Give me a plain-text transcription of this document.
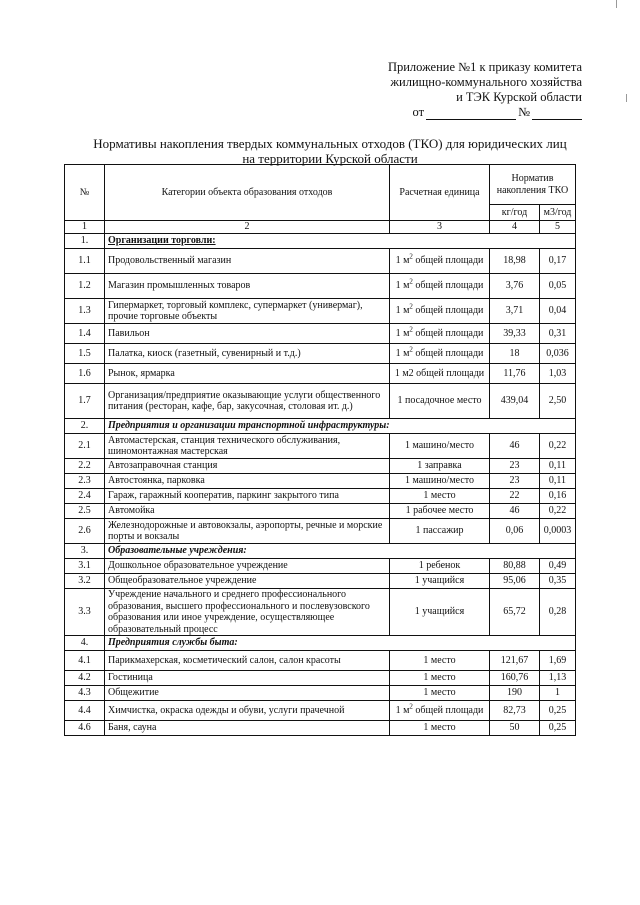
Приложение №1 к приказу комитета
жилищно-коммунального хозяйства
и ТЭК Курской области
от	№
Нормативы накопления твердых коммунальных отходов (ТКО) для юридических лиц
на территории Курской области
№	Категории объекта образования отходов	Расчетная единица	Норматив накопления ТКО	
			кг/год	м3/год
1	2	3	4	5
1.	Организации торговли:			
1.1	Продовольственный магазин	1 $м^2$ общей площади	18,98	0,17
1.2	Магазин промышленных товаров	1 $м^2$ общей площади	3,76	0,05
1.3	Гипермаркет, торговый комплекс, супермаркет (универмаг), прочие торговые объекты	1 $м^2$ общей площади	3,71	0,04
1.4	Павильон	1 $м^2$ общей площади	39,33	0,31
1.5	Палатка, киоск (газетный, сувенирный и т.д.)	1 $м^2$ общей площади	18	0,036
1.6	Рынок, ярмарка	1 м2 общей площади	11,76	1,03
1.7	Организация/предприятие оказывающие услуги общественного питания (ресторан, кафе, бар, закусочная, столовая ит. д.)	1 посадочное место	439,04	2,50
2.	Предприятия и организации транспортной инфраструктуры:			
2.1	Автомастерская, станция технического обслуживания, шиномонтажная мастерская	1 машино/место	46	0,22
2.2	Автозаправочная станция	1 заправка	23	0,11
2.3	Автостоянка, парковка	1 машино/место	23	0,11
2.4	Гараж, гаражный кооператив, паркинг закрытого типа	1 место	22	0,16
2.5	Автомойка	1 рабочее место	46	0,22
2.6	Железнодорожные и автовокзалы, аэропорты, речные и морские порты и вокзалы	1 пассажир	0,06	0,0003
3.	Образовательные учреждения:			
3.1	Дошкольное образовательное учреждение	1 ребенок	80,88	0,49
3.2	Общеобразовательное учреждение	1 учащийся	95,06	0,35
3.3	Учреждение начального и среднего профессионального образования, высшего профессионального и послевузовского образования или иное учреждение, осуществляющее образовательный процесс	1 учащийся	65,72	0,28
4.	Предприятия службы быта:			
4.1	Парикмахерская, косметический салон, салон красоты	1 место	121,67	1,69
4.2	Гостиница	1 место	160,76	1,13
4.3	Общежитие	1 место	190	1
4.4	Химчистка, окраска одежды и обуви, услуги прачечной	1 $м^2$ общей площади	82,73	0,25
4.6	Баня, сауна	1 место	50	0,25
